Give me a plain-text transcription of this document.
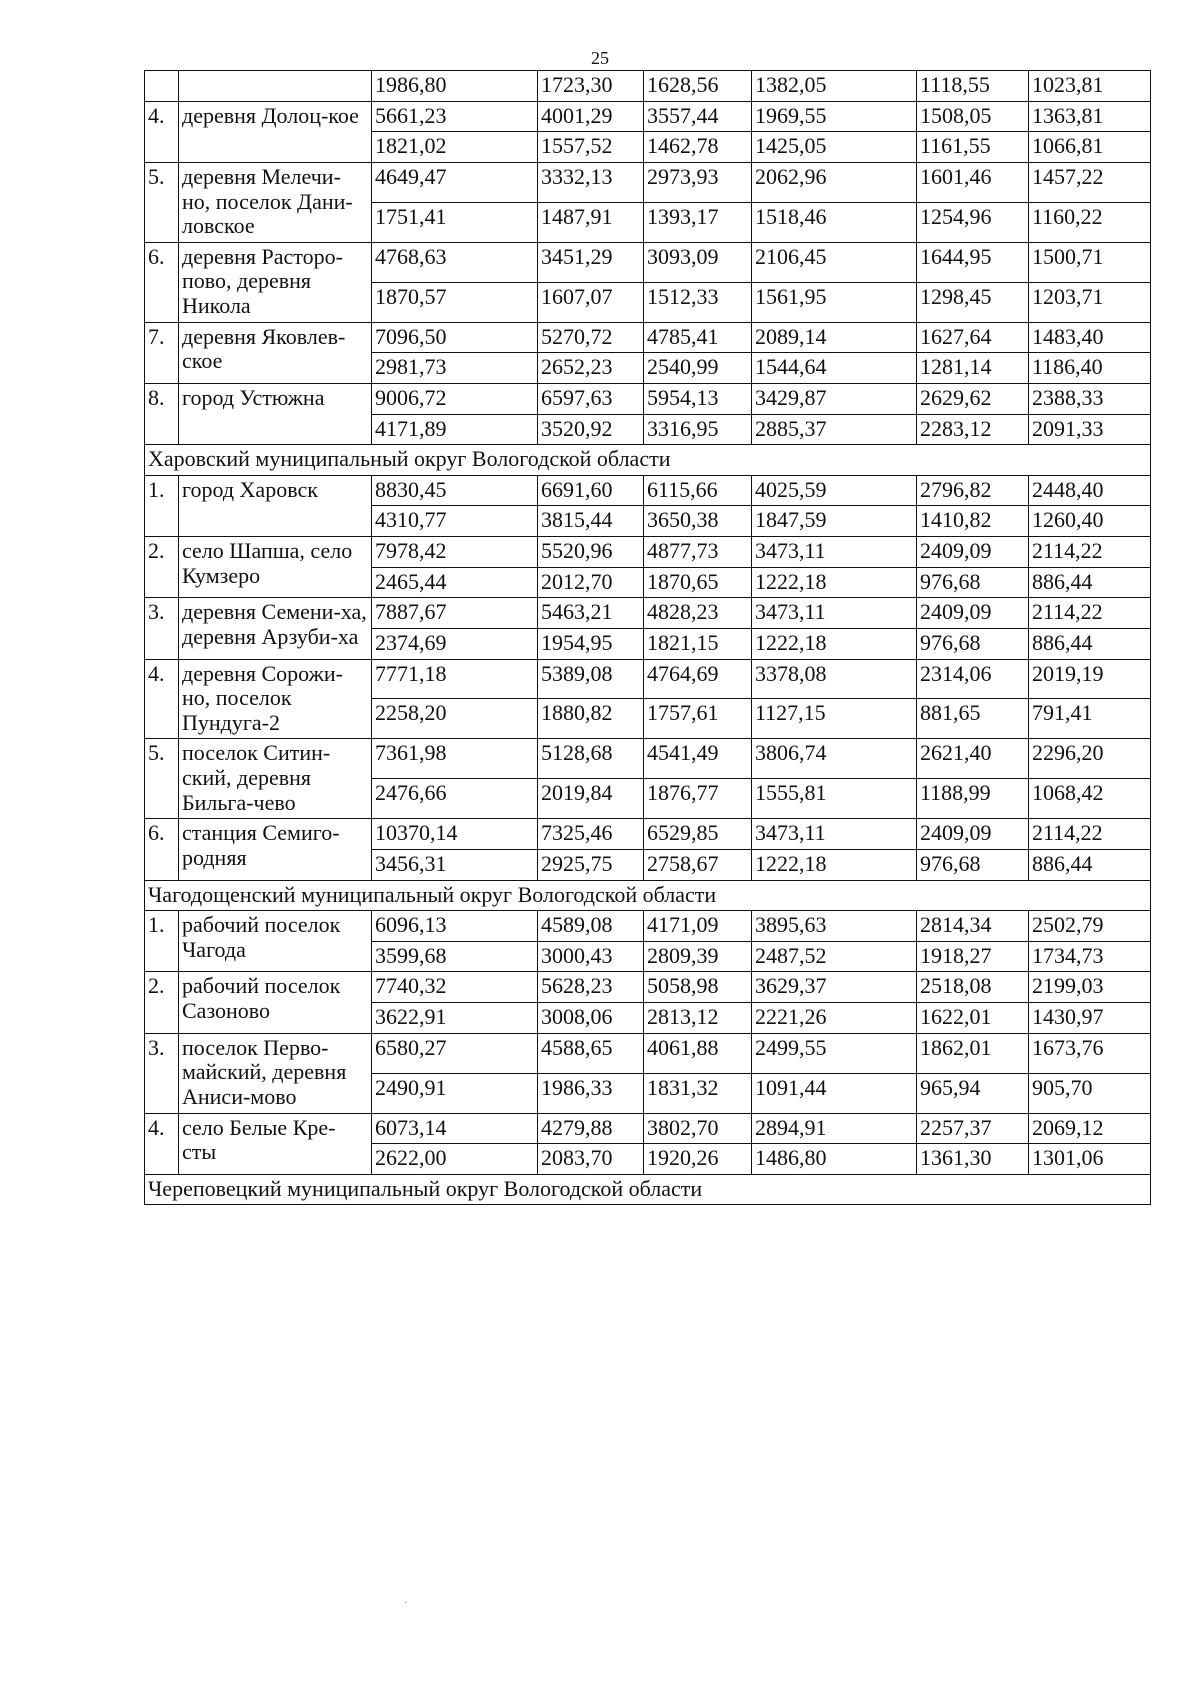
25
		1986,80	1723,30	1628,56	1382,05	1118,55	1023,81
4.	деревня Долоц-кое	5661,23	4001,29	3557,44	1969,55	1508,05	1363,81
		1821,02	1557,52	1462,78	1425,05	1161,55	1066,81
5.	деревня Мелечи-но, поселок Дани-ловское	4649,47	3332,13	2973,93	2062,96	1601,46	1457,22
		1751,41	1487,91	1393,17	1518,46	1254,96	1160,22
6.	деревня Расторо-пово, деревня Никола	4768,63	3451,29	3093,09	2106,45	1644,95	1500,71
		1870,57	1607,07	1512,33	1561,95	1298,45	1203,71
7.	деревня Яковлев-ское	7096,50	5270,72	4785,41	2089,14	1627,64	1483,40
		2981,73	2652,23	2540,99	1544,64	1281,14	1186,40
8.	город Устюжна	9006,72	6597,63	5954,13	3429,87	2629,62	2388,33
		4171,89	3520,92	3316,95	2885,37	2283,12	2091,33
Харовский муниципальный округ Вологодской области							
1.	город Харовск	8830,45	6691,60	6115,66	4025,59	2796,82	2448,40
		4310,77	3815,44	3650,38	1847,59	1410,82	1260,40
2.	село Шапша, село Кумзеро	7978,42	5520,96	4877,73	3473,11	2409,09	2114,22
		2465,44	2012,70	1870,65	1222,18	976,68	886,44
3.	деревня Семени-ха, деревня Арзуби-ха	7887,67	5463,21	4828,23	3473,11	2409,09	2114,22
		2374,69	1954,95	1821,15	1222,18	976,68	886,44
4.	деревня Сорожи-но, поселок Пундуга-2	7771,18	5389,08	4764,69	3378,08	2314,06	2019,19
		2258,20	1880,82	1757,61	1127,15	881,65	791,41
5.	поселок Ситин-ский, деревня Бильга-чево	7361,98	5128,68	4541,49	3806,74	2621,40	2296,20
		2476,66	2019,84	1876,77	1555,81	1188,99	1068,42
6.	станция Семиго-родняя	10370,14	7325,46	6529,85	3473,11	2409,09	2114,22
		3456,31	2925,75	2758,67	1222,18	976,68	886,44
Чагодощенский муниципальный округ Вологодской области							
1.	рабочий поселок Чагода	6096,13	4589,08	4171,09	3895,63	2814,34	2502,79
		3599,68	3000,43	2809,39	2487,52	1918,27	1734,73
2.	рабочий поселок Сазоново	7740,32	5628,23	5058,98	3629,37	2518,08	2199,03
		3622,91	3008,06	2813,12	2221,26	1622,01	1430,97
3.	поселок Перво-майский, деревня Аниси-мово	6580,27	4588,65	4061,88	2499,55	1862,01	1673,76
		2490,91	1986,33	1831,32	1091,44	965,94	905,70
4.	село Белые Кре-сты	6073,14	4279,88	3802,70	2894,91	2257,37	2069,12
		2622,00	2083,70	1920,26	1486,80	1361,30	1301,06
Череповецкий муниципальный округ Вологодской области							
·
